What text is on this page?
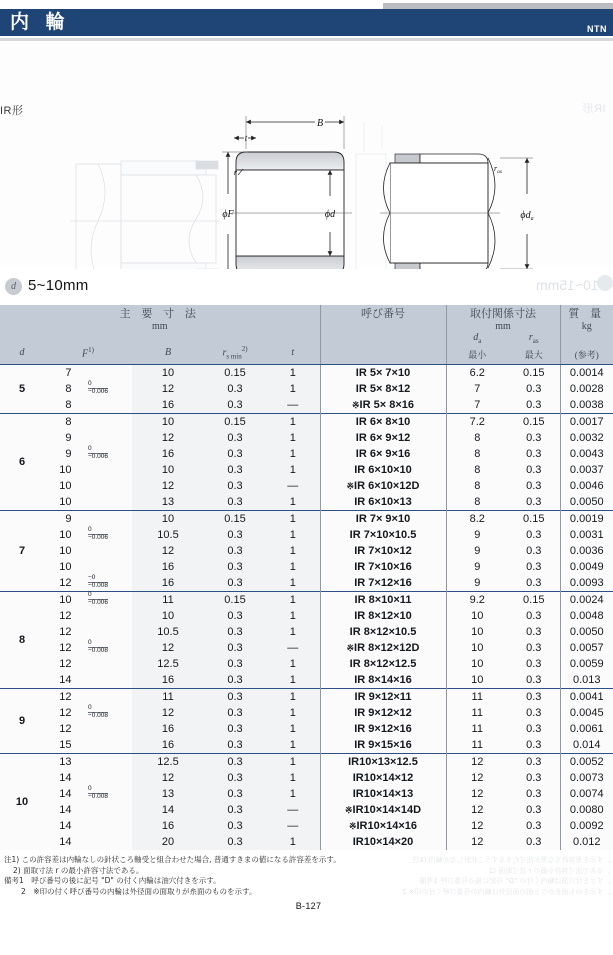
内 輪	NTN
IR形	IR形
B
t
r
ϕF	ϕd
$r_{as}$
$\phi d_a$
d 5~10mm	10~15mm
主 要 寸 法					呼び番号	取付関係寸法		質 量
mm						mm		kg
						$d_a$	$r_{as}$	
d	$F^{1)}$	B	$r_{s min}^{2)}$	t		最小	最大	(参考)
5	7	10	0.15	1	IR 5× 7×10	6.2	0.15	0.0014

	$8 \frac{0}{-0.006}$	12	0.3	1	IR 5× 8×12	7	0.3	0.0028

	8	16	0.3	—	※IR 5× 8×16	7	0.3	0.0038
6	8	10	0.15	1	IR 6× 8×10	7.2	0.15	0.0017

	9	12	0.3	1	IR 6× 9×12	8	0.3	0.0032

	$9 \frac{0}{-0.006}$	16	0.3	1	IR 6× 9×16	8	0.3	0.0043

	10	10	0.3	1	IR 6×10×10	8	0.3	0.0037

	10	12	0.3	—	※IR 6×10×12D	8	0.3	0.0046

	10	13	0.3	1	IR 6×10×13	8	0.3	0.0050
7	9	10	0.15	1	IR 7× 9×10	8.2	0.15	0.0019

	$10 \frac{0}{-0.006}$	10.5	0.3	1	IR 7×10×10.5	9	0.3	0.0031

	10	12	0.3	1	IR 7×10×12	9	0.3	0.0036

	10	16	0.3	1	IR 7×10×16	9	0.3	0.0049

	$12 \frac{-0}{-0.008}$	16	0.3	1	IR 7×12×16	9	0.3	0.0093
8	$10 \frac{0}{-0.006}$	11	0.15	1	IR 8×10×11	9.2	0.15	0.0024

	12	10	0.3	1	IR 8×12×10	10	0.3	0.0048

	12	10.5	0.3	1	IR 8×12×10.5	10	0.3	0.0050

	$12 \frac{0}{-0.008}$	12	0.3	—	※IR 8×12×12D	10	0.3	0.0057

	12	12.5	0.3	1	IR 8×12×12.5	10	0.3	0.0059

	14	16	0.3	1	IR 8×14×16	10	0.3	0.013
9	12	11	0.3	1	IR 9×12×11	11	0.3	0.0041

	$12 \frac{0}{-0.008}$	12	0.3	1	IR 9×12×12	11	0.3	0.0045

	12	16	0.3	1	IR 9×12×16	11	0.3	0.0061

	15	16	0.3	1	IR 9×15×16	11	0.3	0.014
10	13	12.5	0.3	1	IR10×13×12.5	12	0.3	0.0052

	14	12	0.3	1	IR10×14×12	12	0.3	0.0073

	$14 \frac{0}{-0.008}$	13	0.3	1	IR10×14×13	12	0.3	0.0074

	14	14	0.3	—	※IR10×14×14D	12	0.3	0.0080

	14	16	0.3	—	※IR10×14×16	12	0.3	0.0092

	14	20	0.3	1	IR10×14×20	12	0.3	0.012
注1) この許容差は内輪なしの針状ころ軸受と組合わせた場合, 普通すきまの値になる許容差を示す。
2) 面取寸法 r の最小許容寸法である。
備考1　呼び番号の後に記号 "D" の付く内輪は油穴付きを示す。
2　※印の付く呼び番号の内輪は外径面の面取りが糸面のものを示す。
B-127
。す示を差容許るな異が法寸たまるすうこ状針しなが輪内 (1注
。るあで法寸容許小最の r 法寸取面 (2
。す示を付穴油は輪内く付の "D" 号記に後の号番び呼 1考備
。す示をのも面糸がりと面の面径外は輪内の号番び呼く付の印※ 2
